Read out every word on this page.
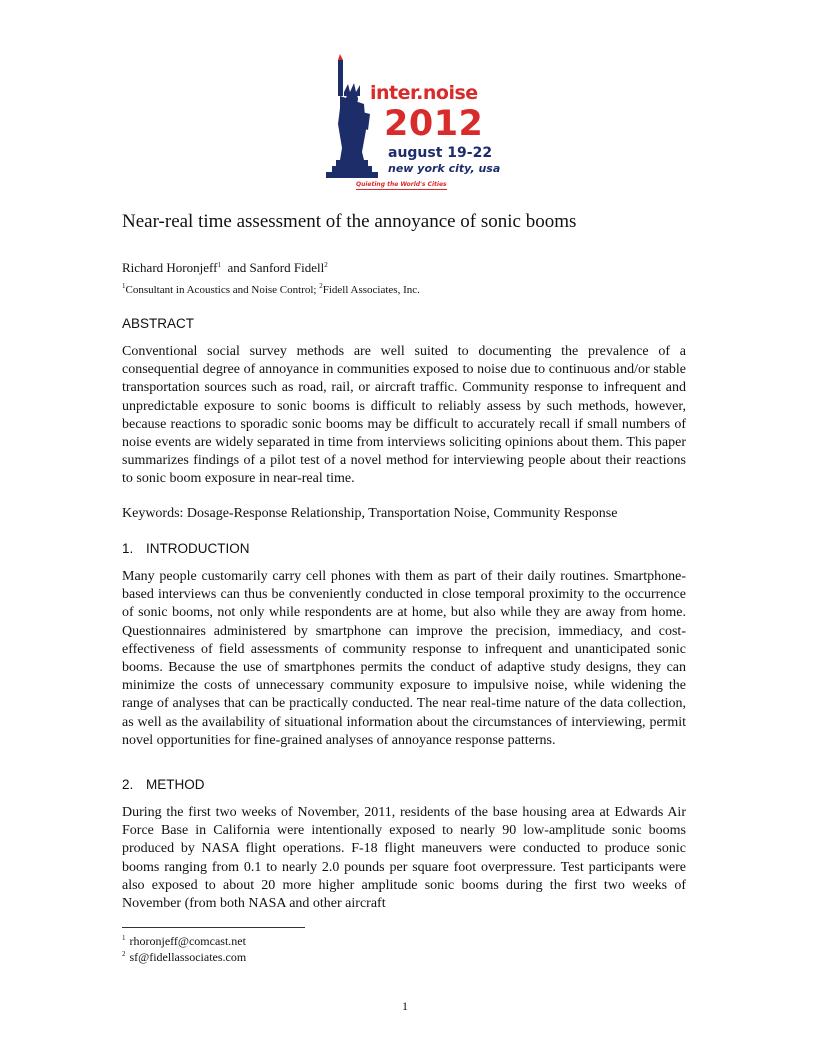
inter.noise
2012
august 19-22
new york city, usa
Quieting the World's Cities
Near-real time assessment of the annoyance of sonic booms
Richard Horonjeff$^1$ and Sanford Fidell$^2$
$^1$Consultant in Acoustics and Noise Control; $^2$Fidell Associates, Inc.
ABSTRACT
Conventional social survey methods are well suited to documenting the prevalence of a consequential degree of annoyance in communities exposed to noise due to continuous and/or stable transportation sources such as road, rail, or aircraft traffic. Community response to infrequent and unpredictable exposure to sonic booms is difficult to reliably assess by such methods, however, because reactions to sporadic sonic booms may be difficult to accurately recall if small numbers of noise events are widely separated in time from interviews soliciting opinions about them. This paper summarizes findings of a pilot test of a novel method for interviewing people about their reactions to sonic boom exposure in near-real time.
Keywords: Dosage-Response Relationship, Transportation Noise, Community Response
1. INTRODUCTION
Many people customarily carry cell phones with them as part of their daily routines. Smartphone-based interviews can thus be conveniently conducted in close temporal proximity to the occurrence of sonic booms, not only while respondents are at home, but also while they are away from home. Questionnaires administered by smartphone can improve the precision, immediacy, and cost-effectiveness of field assessments of community response to infrequent and unanticipated sonic booms. Because the use of smartphones permits the conduct of adaptive study designs, they can minimize the costs of unnecessary community exposure to impulsive noise, while widening the range of analyses that can be practically conducted. The near real-time nature of the data collection, as well as the availability of situational information about the circumstances of interviewing, permit novel opportunities for fine-grained analyses of annoyance response patterns.
2. METHOD
During the first two weeks of November, 2011, residents of the base housing area at Edwards Air Force Base in California were intentionally exposed to nearly 90 low-amplitude sonic booms produced by NASA flight operations. F-18 flight maneuvers were conducted to produce sonic booms ranging from 0.1 to nearly 2.0 pounds per square foot overpressure. Test participants were also exposed to about 20 more higher amplitude sonic booms during the first two weeks of November (from both NASA and other aircraft
$^1$ rhoronjeff@comcast.net
$^2$ sf@fidellassociates.com
1
